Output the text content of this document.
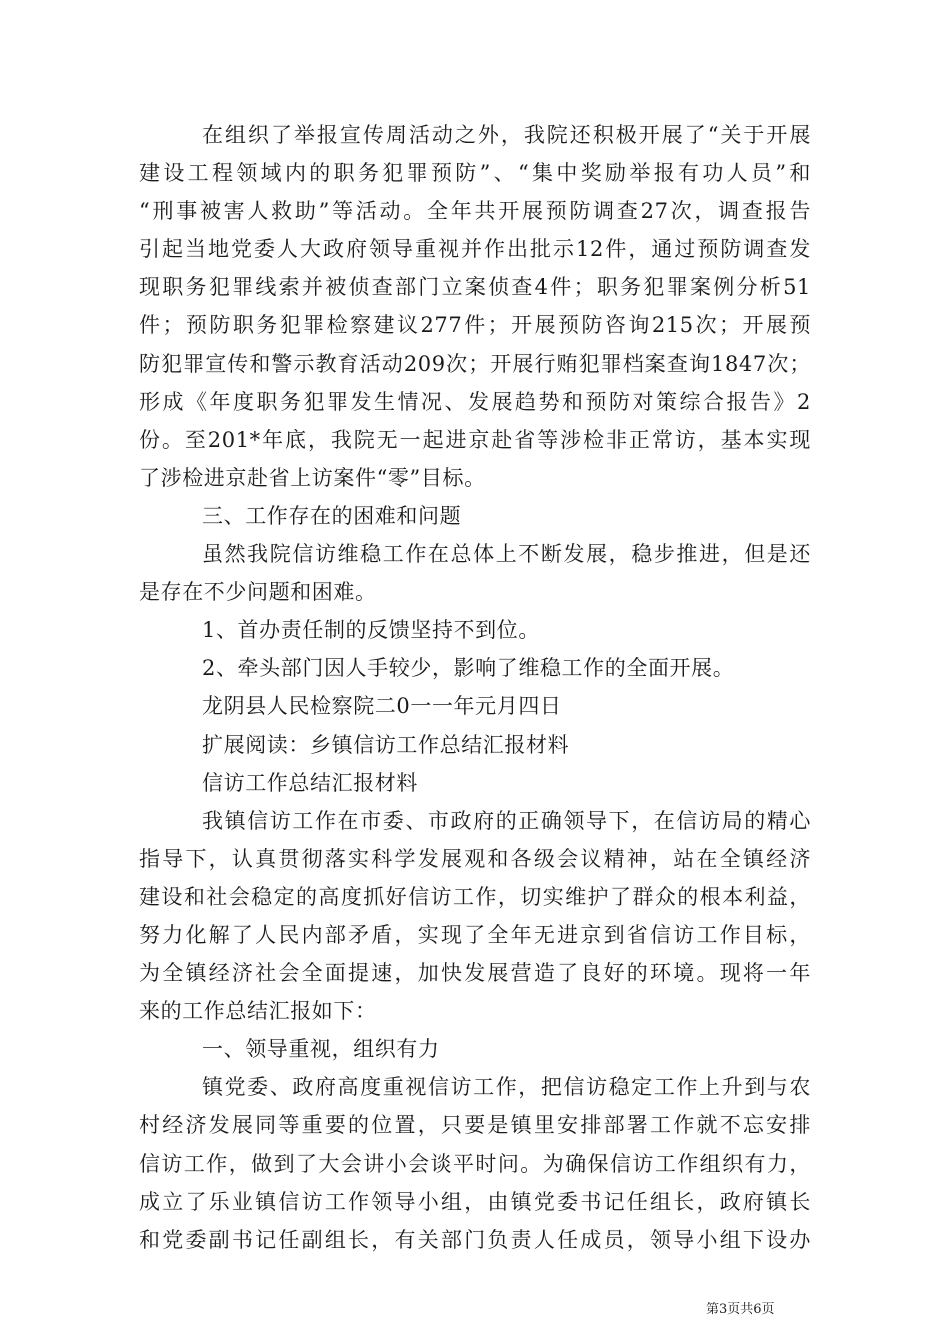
在组织了举报宣传周活动之外，我院还积极开展了“关于开展
建设工程领域内的职务犯罪预防”、“集中奖励举报有功人员”和
“刑事被害人救助”等活动。全年共开展预防调查27次，调查报告
引起当地党委人大政府领导重视并作出批示12件，通过预防调查发
现职务犯罪线索并被侦查部门立案侦查4件；职务犯罪案例分析51
件；预防职务犯罪检察建议277件；开展预防咨询215次；开展预
防犯罪宣传和警示教育活动209次；开展行贿犯罪档案查询1847次；
形成《年度职务犯罪发生情况、发展趋势和预防对策综合报告》2
份。至201*年底，我院无一起进京赴省等涉检非正常访，基本实现
了涉检进京赴省上访案件“零”目标。
三、工作存在的困难和问题
虽然我院信访维稳工作在总体上不断发展，稳步推进，但是还
是存在不少问题和困难。
1、首办责任制的反馈坚持不到位。
2、牵头部门因人手较少，影响了维稳工作的全面开展。
龙阴县人民检察院二0一一年元月四日
扩展阅读：乡镇信访工作总结汇报材料
信访工作总结汇报材料
我镇信访工作在市委、市政府的正确领导下，在信访局的精心
指导下，认真贯彻落实科学发展观和各级会议精神，站在全镇经济
建设和社会稳定的高度抓好信访工作，切实维护了群众的根本利益，
努力化解了人民内部矛盾，实现了全年无进京到省信访工作目标，
为全镇经济社会全面提速，加快发展营造了良好的环境。现将一年
来的工作总结汇报如下：
一、领导重视，组织有力
镇党委、政府高度重视信访工作，把信访稳定工作上升到与农
村经济发展同等重要的位置，只要是镇里安排部署工作就不忘安排
信访工作，做到了大会讲小会谈平时问。为确保信访工作组织有力，
成立了乐业镇信访工作领导小组，由镇党委书记任组长，政府镇长
和党委副书记任副组长，有关部门负责人任成员，领导小组下设办
第3页共6页
